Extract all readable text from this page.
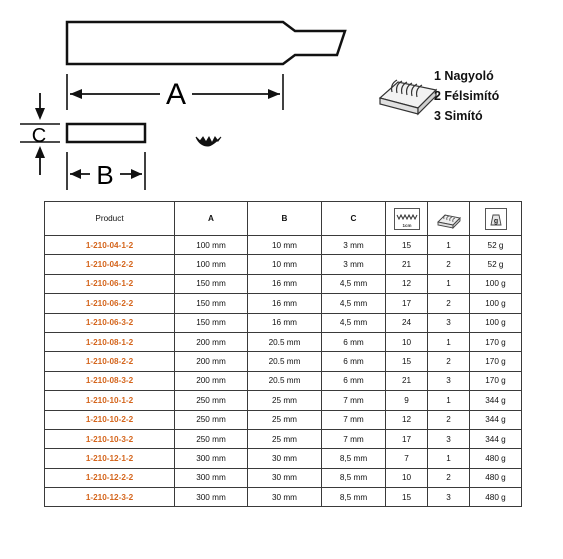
A
C
B
1 Nagyoló
2 Félsimító
3 Simító
Product	A	B	C	1cm		g

1-210-04-1-2	100 mm	10 mm	3 mm	15	1	52 g
1-210-04-2-2	100 mm	10 mm	3 mm	21	2	52 g
1-210-06-1-2	150 mm	16 mm	4,5 mm	12	1	100 g
1-210-06-2-2	150 mm	16 mm	4,5 mm	17	2	100 g
1-210-06-3-2	150 mm	16 mm	4,5 mm	24	3	100 g
1-210-08-1-2	200 mm	20.5 mm	6 mm	10	1	170 g
1-210-08-2-2	200 mm	20.5 mm	6 mm	15	2	170 g
1-210-08-3-2	200 mm	20.5 mm	6 mm	21	3	170 g
1-210-10-1-2	250 mm	25 mm	7 mm	9	1	344 g
1-210-10-2-2	250 mm	25 mm	7 mm	12	2	344 g
1-210-10-3-2	250 mm	25 mm	7 mm	17	3	344 g
1-210-12-1-2	300 mm	30 mm	8,5 mm	7	1	480 g
1-210-12-2-2	300 mm	30 mm	8,5 mm	10	2	480 g
1-210-12-3-2	300 mm	30 mm	8,5 mm	15	3	480 g
